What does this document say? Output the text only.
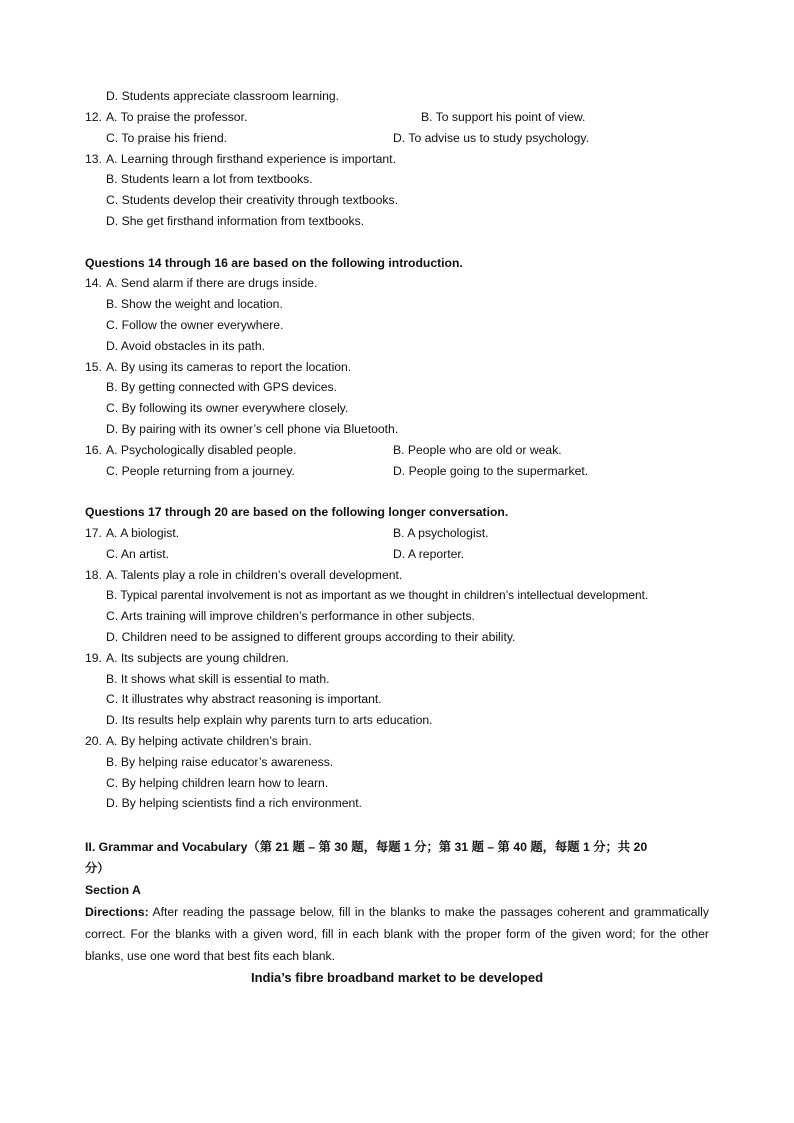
D. Students appreciate classroom learning.
12. A. To praise the professor.	B. To support his point of view.
C. To praise his friend.	D. To advise us to study psychology.
13. A. Learning through firsthand experience is important.
B. Students learn a lot from textbooks.
C. Students develop their creativity through textbooks.
D. She get firsthand information from textbooks.
Questions 14 through 16 are based on the following introduction.
14. A. Send alarm if there are drugs inside.
B. Show the weight and location.
C. Follow the owner everywhere.
D. Avoid obstacles in its path.
15. A. By using its cameras to report the location.
B. By getting connected with GPS devices.
C. By following its owner everywhere closely.
D. By pairing with its owner’s cell phone via Bluetooth.
16. A. Psychologically disabled people.	B. People who are old or weak.
C. People returning from a journey.	D. People going to the supermarket.
Questions 17 through 20 are based on the following longer conversation.
17. A. A biologist.	B. A psychologist.
C. An artist.	D. A reporter.
18. A. Talents play a role in children’s overall development.
B. Typical parental involvement is not as important as we thought in children’s intellectual development.
C. Arts training will improve children’s performance in other subjects.
D. Children need to be assigned to different groups according to their ability.
19. A. Its subjects are young children.
B. It shows what skill is essential to math.
C. It illustrates why abstract reasoning is important.
D. Its results help explain why parents turn to arts education.
20. A. By helping activate children’s brain.
B. By helping raise educator’s awareness.
C. By helping children learn how to learn.
D. By helping scientists find a rich environment.
II. Grammar and Vocabulary（第 21 题 – 第 30 题，每题 1 分；第 31 题 – 第 40 题，每题 1 分；共 20
分）
Section A
Directions: After reading the passage below, fill in the blanks to make the passages coherent and grammatically correct. For the blanks with a given word, fill in each blank with the proper form of the given word; for the other blanks, use one word that best fits each blank.
India’s fibre broadband market to be developed
